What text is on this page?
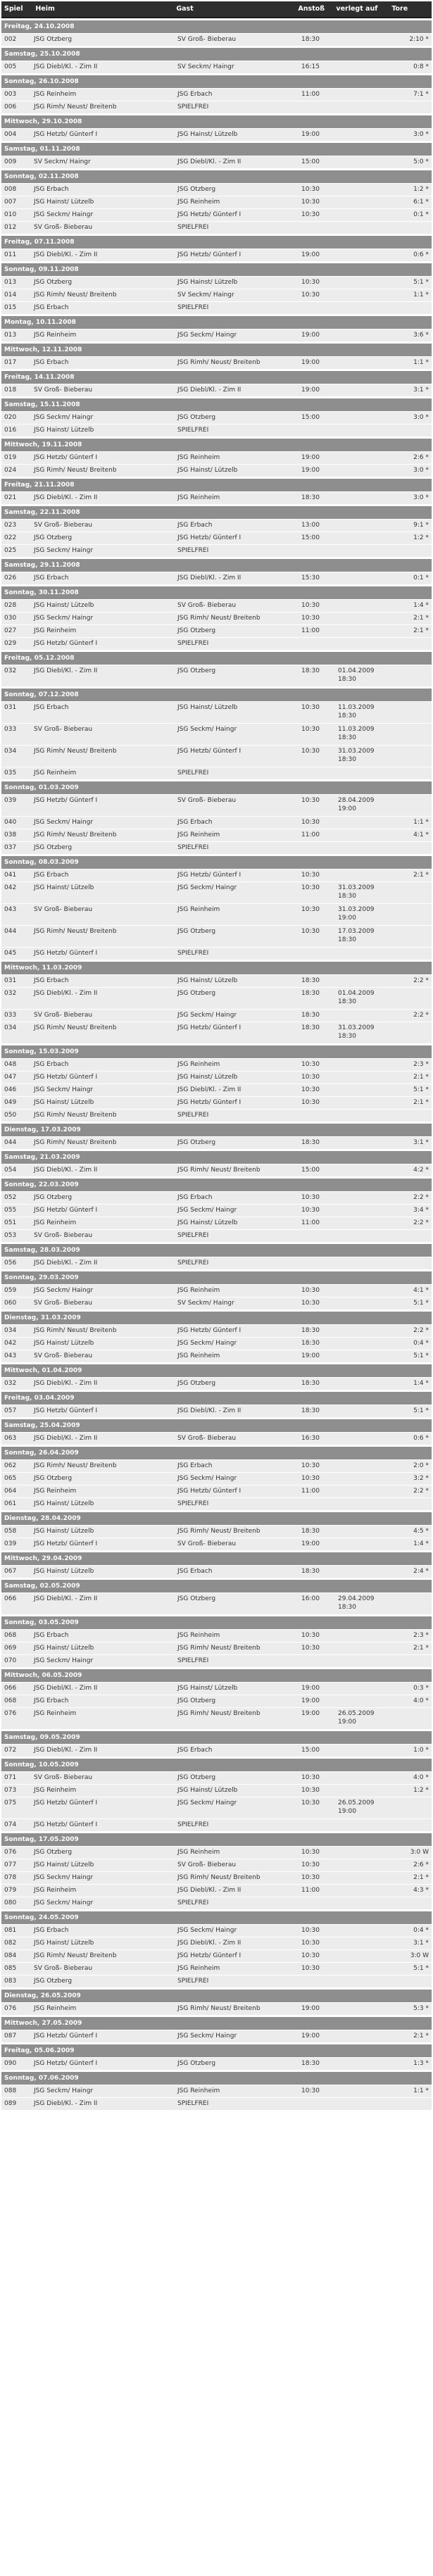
Spiel	Heim	Gast	Anstoß	verlegt auf	Tore
Freitag, 24.10.2008
002	JSG Otzberg	SV Groß- Bieberau	18:30	2:10 *
Samstag, 25.10.2008
005	JSG Diebl/Kl. - Zim II	SV Seckm/ Haingr	16:15	0:8 *
Sonntag, 26.10.2008
003	JSG Reinheim	JSG Erbach	11:00	7:1 *
006	JSG Rimh/ Neust/ Breitenb	SPIELFREI
Mittwoch, 29.10.2008
004	JSG Hetzb/ Günterf I	JSG Hainst/ Lützelb	19:00	3:0 *
Samstag, 01.11.2008
009	SV Seckm/ Haingr	JSG Diebl/Kl. - Zim II	15:00	5:0 *
Sonntag, 02.11.2008
008	JSG Erbach	JSG Otzberg	10:30	1:2 *
007	JSG Hainst/ Lützelb	JSG Reinheim	10:30	6:1 *
010	JSG Seckm/ Haingr	JSG Hetzb/ Günterf I	10:30	0:1 *
012	SV Groß- Bieberau	SPIELFREI
Freitag, 07.11.2008
011	JSG Diebl/Kl. - Zim II	JSG Hetzb/ Günterf I	19:00	0:6 *
Sonntag, 09.11.2008
013	JSG Otzberg	JSG Hainst/ Lützelb	10:30	5:1 *
014	JSG Rimh/ Neust/ Breitenb	SV Seckm/ Haingr	10:30	1:1 *
015	JSG Erbach	SPIELFREI
Montag, 10.11.2008
013	JSG Reinheim	JSG Seckm/ Haingr	19:00	3:6 *
Mittwoch, 12.11.2008
017	JSG Erbach	JSG Rimh/ Neust/ Breitenb	19:00	1:1 *
Freitag, 14.11.2008
018	SV Groß- Bieberau	JSG Diebl/Kl. - Zim II	19:00	3:1 *
Samstag, 15.11.2008
020	JSG Seckm/ Haingr	JSG Otzberg	15:00	3:0 *
016	JSG Hainst/ Lützelb	SPIELFREI
Mittwoch, 19.11.2008
019	JSG Hetzb/ Günterf I	JSG Reinheim	19:00	2:6 *
024	JSG Rimh/ Neust/ Breitenb	JSG Hainst/ Lützelb	19:00	3:0 *
Freitag, 21.11.2008
021	JSG Diebl/Kl. - Zim II	JSG Reinheim	18:30	3:0 *
Samstag, 22.11.2008
023	SV Groß- Bieberau	JSG Erbach	13:00	9:1 *
022	JSG Otzberg	JSG Hetzb/ Günterf I	15:00	1:2 *
025	JSG Seckm/ Haingr	SPIELFREI
Samstag, 29.11.2008
026	JSG Erbach	JSG Diebl/Kl. - Zim II	15:30	0:1 *
Sonntag, 30.11.2008
028	JSG Hainst/ Lützelb	SV Groß- Bieberau	10:30	1:4 *
030	JSG Seckm/ Haingr	JSG Rimh/ Neust/ Breitenb	10:30	2:1 *
027	JSG Reinheim	JSG Otzberg	11:00	2:1 *
029	JSG Hetzb/ Günterf I	SPIELFREI
Freitag, 05.12.2008
032	JSG Diebl/Kl. - Zim II	JSG Otzberg	18:30	01.04.2009 18:30
Sonntag, 07.12.2008
031	JSG Erbach	JSG Hainst/ Lützelb	10:30	11.03.2009 18:30
033	SV Groß- Bieberau	JSG Seckm/ Haingr	10:30	11.03.2009 18:30
034	JSG Rimh/ Neust/ Breitenb	JSG Hetzb/ Günterf I	10:30	31.03.2009 18:30
035	JSG Reinheim	SPIELFREI
Sonntag, 01.03.2009
039	JSG Hetzb/ Günterf I	SV Groß- Bieberau	10:30	28.04.2009 19:00
040	JSG Seckm/ Haingr	JSG Erbach	10:30	1:1 *
038	JSG Rimh/ Neust/ Breitenb	JSG Reinheim	11:00	4:1 *
037	JSG Otzberg	SPIELFREI
Sonntag, 08.03.2009
041	JSG Erbach	JSG Hetzb/ Günterf I	10:30	2:1 *
042	JSG Hainst/ Lützelb	JSG Seckm/ Haingr	10:30	31.03.2009 18:30
043	SV Groß- Bieberau	JSG Reinheim	10:30	31.03.2009 19:00
044	JSG Rimh/ Neust/ Breitenb	JSG Otzberg	10:30	17.03.2009 18:30
045	JSG Hetzb/ Günterf I	SPIELFREI
Mittwoch, 11.03.2009
031	JSG Erbach	JSG Hainst/ Lützelb	18:30	2:2 *
032	JSG Diebl/Kl. - Zim II	JSG Otzberg	18:30	01.04.2009 18:30
033	SV Groß- Bieberau	JSG Seckm/ Haingr	18:30	2:2 *
034	JSG Rimh/ Neust/ Breitenb	JSG Hetzb/ Günterf I	18:30	31.03.2009 18:30
Sonntag, 15.03.2009
048	JSG Erbach	JSG Reinheim	10:30	2:3 *
047	JSG Hetzb/ Günterf I	JSG Hainst/ Lützelb	10:30	2:1 *
046	JSG Seckm/ Haingr	JSG Diebl/Kl. - Zim II	10:30	5:1 *
049	JSG Hainst/ Lützelb	JSG Hetzb/ Günterf I	10:30	2:1 *
050	JSG Rimh/ Neust/ Breitenb	SPIELFREI
Dienstag, 17.03.2009
044	JSG Rimh/ Neust/ Breitenb	JSG Otzberg	18:30	3:1 *
Samstag, 21.03.2009
054	JSG Diebl/Kl. - Zim II	JSG Rimh/ Neust/ Breitenb	15:00	4:2 *
Sonntag, 22.03.2009
052	JSG Otzberg	JSG Erbach	10:30	2:2 *
055	JSG Hetzb/ Günterf I	JSG Seckm/ Haingr	10:30	3:4 *
051	JSG Reinheim	JSG Hainst/ Lützelb	11:00	2:2 *
053	SV Groß- Bieberau	SPIELFREI
Samstag, 28.03.2009
056	JSG Diebl/Kl. - Zim II	SPIELFREI
Sonntag, 29.03.2009
059	JSG Seckm/ Haingr	JSG Reinheim	10:30	4:1 *
060	SV Groß- Bieberau	SV Seckm/ Haingr	10:30	5:1 *
Dienstag, 31.03.2009
034	JSG Rimh/ Neust/ Breitenb	JSG Hetzb/ Günterf I	18:30	2:2 *
042	JSG Hainst/ Lützelb	JSG Seckm/ Haingr	18:30	0:4 *
043	SV Groß- Bieberau	JSG Reinheim	19:00	5:1 *
Mittwoch, 01.04.2009
032	JSG Diebl/Kl. - Zim II	JSG Otzberg	18:30	1:4 *
Freitag, 03.04.2009
057	JSG Hetzb/ Günterf I	JSG Diebl/Kl. - Zim II	18:30	5:1 *
Samstag, 25.04.2009
063	JSG Diebl/Kl. - Zim II	SV Groß- Bieberau	16:30	0:6 *
Sonntag, 26.04.2009
062	JSG Rimh/ Neust/ Breitenb	JSG Erbach	10:30	2:0 *
065	JSG Otzberg	JSG Seckm/ Haingr	10:30	3:2 *
064	JSG Reinheim	JSG Hetzb/ Günterf I	11:00	2:2 *
061	JSG Hainst/ Lützelb	SPIELFREI
Dienstag, 28.04.2009
058	JSG Hainst/ Lützelb	JSG Rimh/ Neust/ Breitenb	18:30	4:5 *
039	JSG Hetzb/ Günterf I	SV Groß- Bieberau	19:00	1:4 *
Mittwoch, 29.04.2009
067	JSG Hainst/ Lützelb	JSG Erbach	18:30	2:4 *
Samstag, 02.05.2009
066	JSG Diebl/Kl. - Zim II	JSG Otzberg	16:00	29.04.2009 18:30
Sonntag, 03.05.2009
068	JSG Erbach	JSG Reinheim	10:30	2:3 *
069	JSG Hainst/ Lützelb	JSG Rimh/ Neust/ Breitenb	10:30	2:1 *
070	JSG Seckm/ Haingr	SPIELFREI
Mittwoch, 06.05.2009
066	JSG Diebl/Kl. - Zim II	JSG Hainst/ Lützelb	19:00	0:3 *
068	JSG Erbach	JSG Otzberg	19:00	4:0 *
076	JSG Reinheim	JSG Rimh/ Neust/ Breitenb	19:00	26.05.2009 19:00
Samstag, 09.05.2009
072	JSG Diebl/Kl. - Zim II	JSG Erbach	15:00	1:0 *
Sonntag, 10.05.2009
071	SV Groß- Bieberau	JSG Otzberg	10:30	4:0 *
073	JSG Reinheim	JSG Hainst/ Lützelb	10:30	1:2 *
075	JSG Hetzb/ Günterf I	JSG Seckm/ Haingr	10:30	26.05.2009 19:00
074	JSG Hetzb/ Günterf I	SPIELFREI
Sonntag, 17.05.2009
076	JSG Otzberg	JSG Reinheim	10:30	3:0 W
077	JSG Hainst/ Lützelb	SV Groß- Bieberau	10:30	2:6 *
078	JSG Seckm/ Haingr	JSG Rimh/ Neust/ Breitenb	10:30	2:1 *
079	JSG Reinheim	JSG Diebl/Kl. - Zim II	11:00	4:3 *
080	JSG Seckm/ Haingr	SPIELFREI
Sonntag, 24.05.2009
081	JSG Erbach	JSG Seckm/ Haingr	10:30	0:4 *
082	JSG Hainst/ Lützelb	JSG Diebl/Kl. - Zim II	10:30	3:1 *
084	JSG Rimh/ Neust/ Breitenb	JSG Hetzb/ Günterf I	10:30	3:0 W
085	SV Groß- Bieberau	JSG Reinheim	10:30	5:1 *
083	JSG Otzberg	SPIELFREI
Dienstag, 26.05.2009
076	JSG Reinheim	JSG Rimh/ Neust/ Breitenb	19:00	5:3 *
Mittwoch, 27.05.2009
087	JSG Hetzb/ Günterf I	JSG Seckm/ Haingr	19:00	2:1 *
Freitag, 05.06.2009
090	JSG Hetzb/ Günterf I	JSG Otzberg	18:30	1:3 *
Sonntag, 07.06.2009
088	JSG Seckm/ Haingr	JSG Reinheim	10:30	1:1 *
089	JSG Diebl/Kl. - Zim II	SPIELFREI
